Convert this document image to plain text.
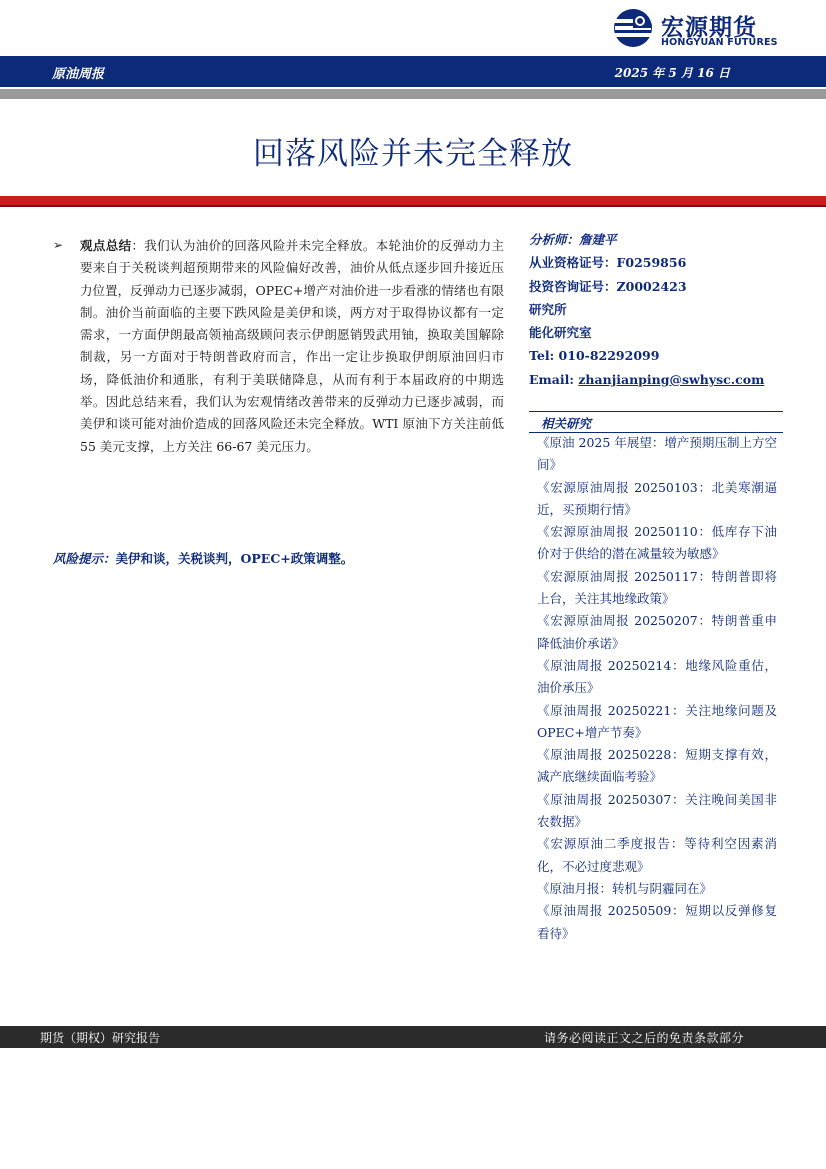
宏源期货
HONGYUAN FUTURES
原油周报	2025 年 5 月 16 日
回落风险并未完全释放
➢ 观点总结：我们认为油价的回落风险并未完全释放。本轮油价的反弹动力主要来自于关税谈判超预期带来的风险偏好改善，油价从低点逐步回升接近压力位置，反弹动力已逐步减弱，OPEC+增产对油价进一步看涨的情绪也有限制。油价当前面临的主要下跌风险是美伊和谈，两方对于取得协议都有一定需求，一方面伊朗最高领袖高级顾问表示伊朗愿销毁武用铀，换取美国解除制裁，另一方面对于特朗普政府而言，作出一定让步换取伊朗原油回归市场，降低油价和通胀，有利于美联储降息，从而有利于本届政府的中期选举。因此总结来看，我们认为宏观情绪改善带来的反弹动力已逐步减弱，而美伊和谈可能对油价造成的回落风险还未完全释放。WTI 原油下方关注前低 55 美元支撑，上方关注 66-67 美元压力。
风险提示：美伊和谈，关税谈判，OPEC+政策调整。
分析师：詹建平
从业资格证号：F0259856
投资咨询证号：Z0002423
研究所
能化研究室
Tel: 010-82292099
Email: zhanjianping@swhysc.com
相关研究
《原油 2025 年展望：增产预期压制上方空间》
《宏源原油周报 20250103：北美寒潮逼近，买预期行情》
《宏源原油周报 20250110：低库存下油价对于供给的潜在减量较为敏感》
《宏源原油周报 20250117：特朗普即将上台，关注其地缘政策》
《宏源原油周报 20250207：特朗普重申降低油价承诺》
《原油周报 20250214：地缘风险重估，油价承压》
《原油周报 20250221：关注地缘问题及OPEC+增产节奏》
《原油周报 20250228：短期支撑有效，减产底继续面临考验》
《原油周报 20250307：关注晚间美国非农数据》
《宏源原油二季度报告：等待利空因素消化，不必过度悲观》
《原油月报：转机与阴霾同在》
《原油周报 20250509：短期以反弹修复看待》
期货（期权）研究报告	请务必阅读正文之后的免责条款部分
